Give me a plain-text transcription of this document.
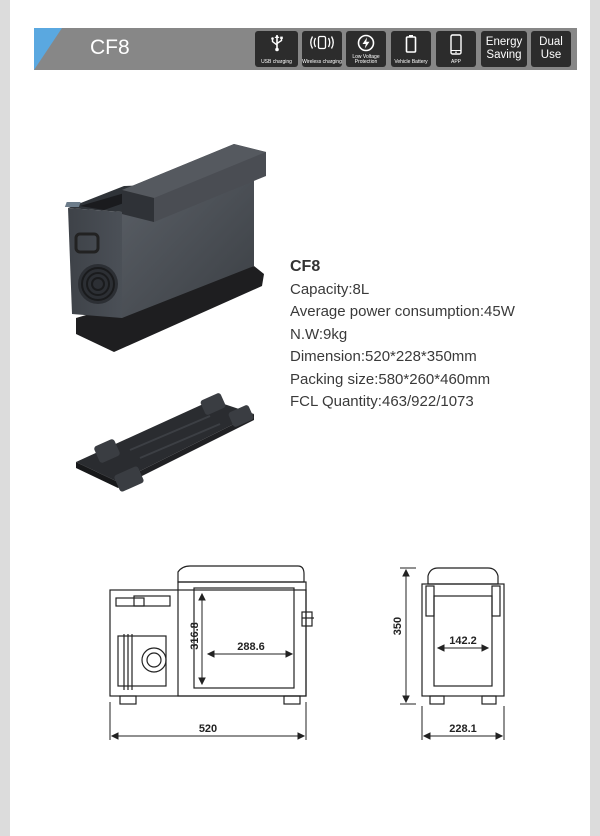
CF8
USB charging	Wireless charging
Low Voltage Protection	Vehicle Battery	APP
Energy
Saving
Dual
Use
CF8
Capacity:8L
Average power consumption:45W
N.W:9kg
Dimension:520*228*350mm
Packing size:580*260*460mm
FCL Quantity:463/922/1073
316.8	288.6
520
350
142.2
228.1
